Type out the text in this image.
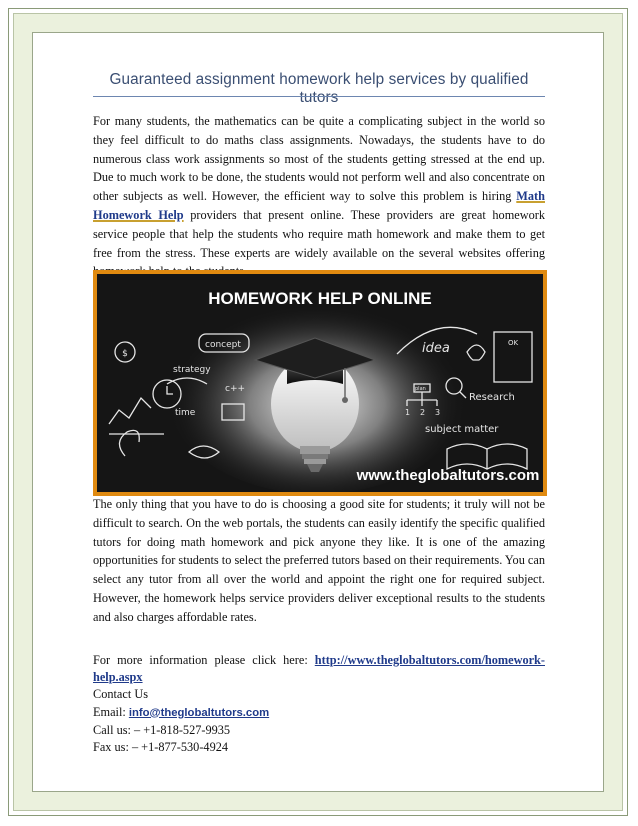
Guaranteed assignment homework help services by qualified tutors
For many students, the mathematics can be quite a complicating subject in the world so they feel difficult to do maths class assignments. Nowadays, the students have to do numerous class work assignments so most of the students getting stressed at the end up. Due to much work to be done, the students would not perform well and also concentrate on other subjects as well. However, the efficient way to solve this problem is hiring Math Homework Help providers that present online. These providers are great homework service people that help the students who require math homework and make them to get free from the stress. These experts are widely available on the several websites offering
HOMEWORK HELP ONLINE
$
concept
strategy
time
c++
idea	OK
plan
1 2 3
Research
subject matter
www.theglobaltutors.com
The only thing that you have to do is choosing a good site for students; it truly will not be difficult to search. On the web portals, the students can easily identify the specific qualified tutors for doing math homework and pick anyone they like. It is one of the amazing opportunities for students to select the preferred tutors based on their requirements. You can select any tutor from all over the world and appoint the right one for required subject. However, the homework helps service providers deliver exceptional results to the students and also charges affordable rates.
For more information please click here: http://www.theglobaltutors.com/homework-help.aspx
Contact Us
Email: info@theglobaltutors.com
Call us: – +1-818-527-9935
Fax us: – +1-877-530-4924
